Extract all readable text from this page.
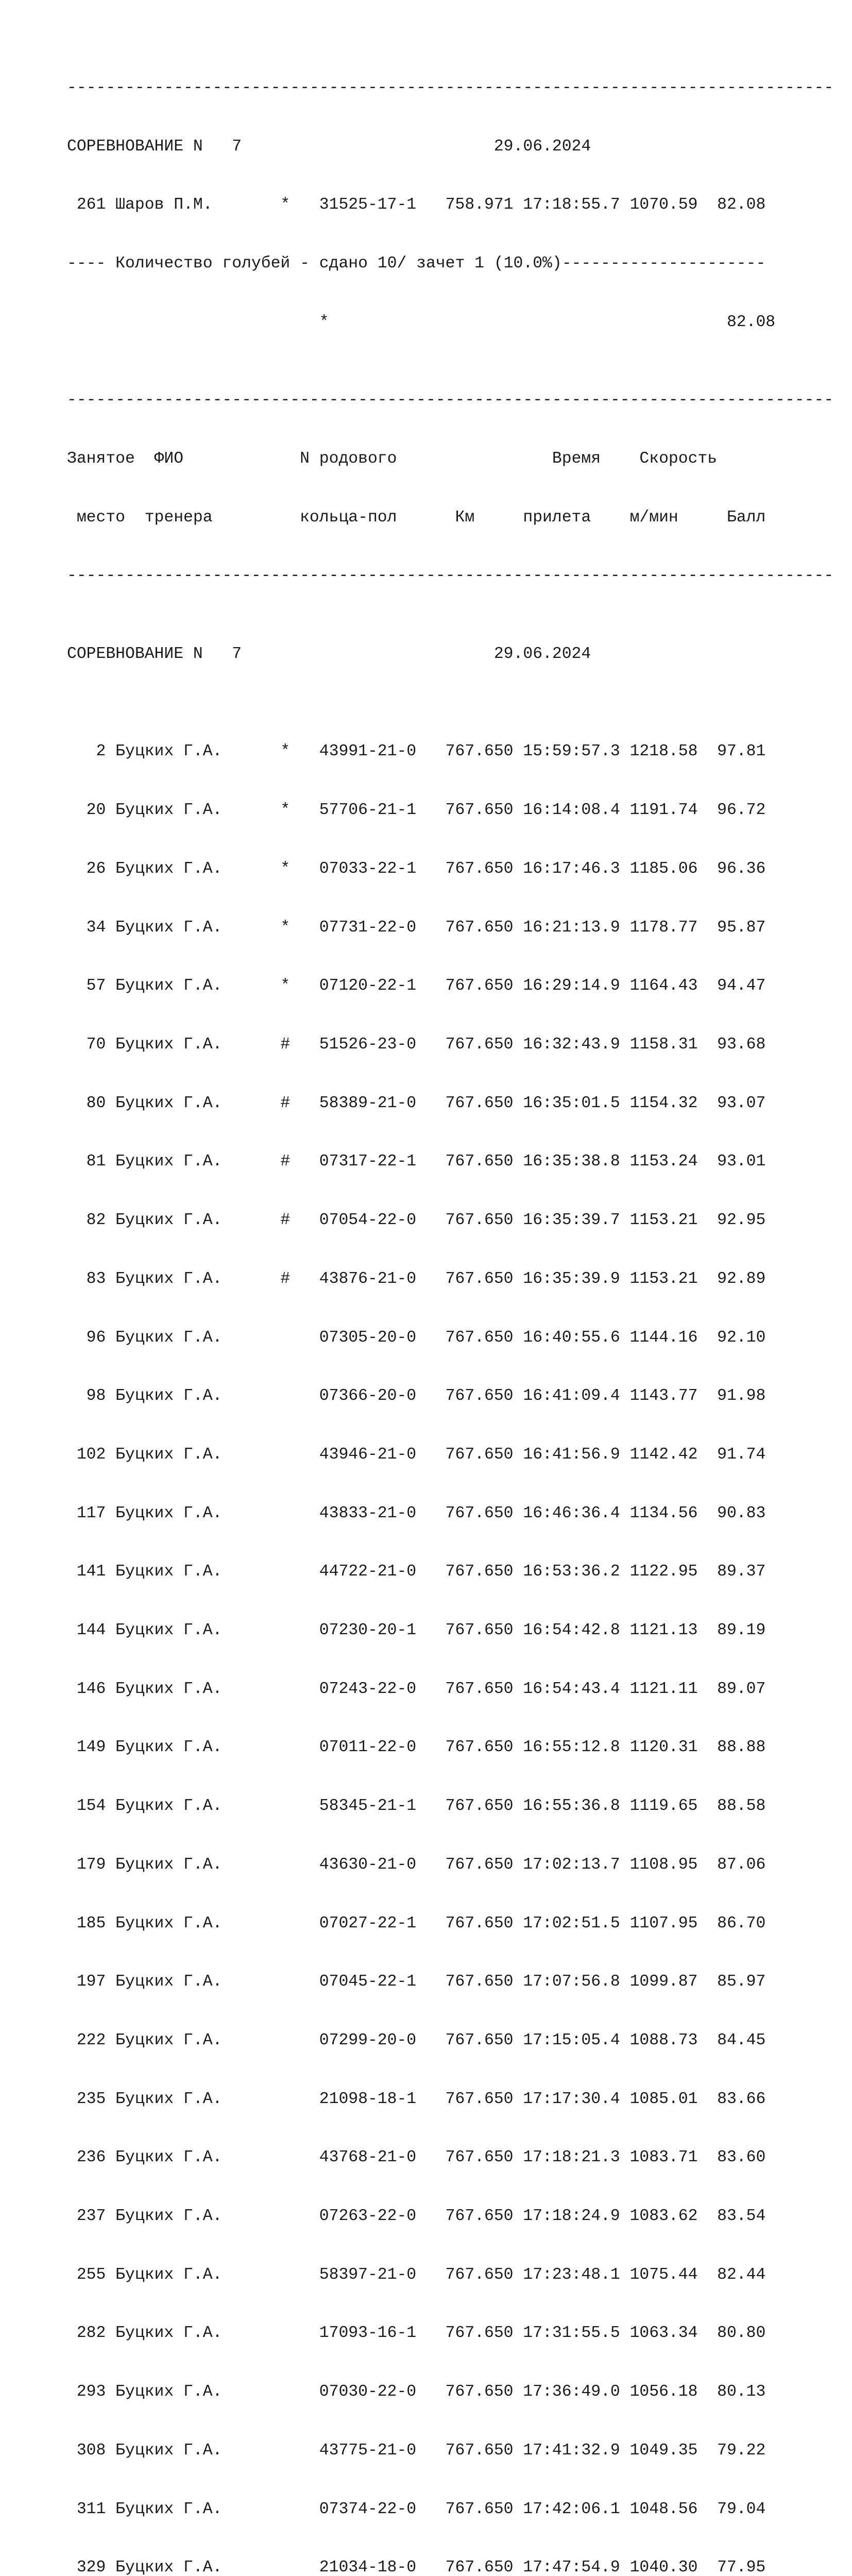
-------------------------------------------------------------------------------

СОРЕВНОВАНИЕ N   7                          29.06.2024

261 Шаров П.М.       *   31525-17-1   758.971 17:18:55.7 1070.59  82.08

---- Количество голубей - сдано 10/ зачет 1 (10.0%)---------------------

*                                         82.08

-------------------------------------------------------------------------------

Занятое  ФИО            N родового                Время    Скорость

место  тренера         кольца-пол      Км     прилета    м/мин     Балл

-------------------------------------------------------------------------------

СОРЕВНОВАНИЕ N   7                          29.06.2024

2 Буцких Г.А.      *   43991-21-0   767.650 15:59:57.3 1218.58  97.81

20 Буцких Г.А.      *   57706-21-1   767.650 16:14:08.4 1191.74  96.72

26 Буцких Г.А.      *   07033-22-1   767.650 16:17:46.3 1185.06  96.36

34 Буцких Г.А.      *   07731-22-0   767.650 16:21:13.9 1178.77  95.87

57 Буцких Г.А.      *   07120-22-1   767.650 16:29:14.9 1164.43  94.47

70 Буцких Г.А.      #   51526-23-0   767.650 16:32:43.9 1158.31  93.68

80 Буцких Г.А.      #   58389-21-0   767.650 16:35:01.5 1154.32  93.07

81 Буцких Г.А.      #   07317-22-1   767.650 16:35:38.8 1153.24  93.01

82 Буцких Г.А.      #   07054-22-0   767.650 16:35:39.7 1153.21  92.95

83 Буцких Г.А.      #   43876-21-0   767.650 16:35:39.9 1153.21  92.89

96 Буцких Г.А.          07305-20-0   767.650 16:40:55.6 1144.16  92.10

98 Буцких Г.А.          07366-20-0   767.650 16:41:09.4 1143.77  91.98

102 Буцких Г.А.          43946-21-0   767.650 16:41:56.9 1142.42  91.74

117 Буцких Г.А.          43833-21-0   767.650 16:46:36.4 1134.56  90.83

141 Буцких Г.А.          44722-21-0   767.650 16:53:36.2 1122.95  89.37

144 Буцких Г.А.          07230-20-1   767.650 16:54:42.8 1121.13  89.19

146 Буцких Г.А.          07243-22-0   767.650 16:54:43.4 1121.11  89.07

149 Буцких Г.А.          07011-22-0   767.650 16:55:12.8 1120.31  88.88

154 Буцких Г.А.          58345-21-1   767.650 16:55:36.8 1119.65  88.58

179 Буцких Г.А.          43630-21-0   767.650 17:02:13.7 1108.95  87.06

185 Буцких Г.А.          07027-22-1   767.650 17:02:51.5 1107.95  86.70

197 Буцких Г.А.          07045-22-1   767.650 17:07:56.8 1099.87  85.97

222 Буцких Г.А.          07299-20-0   767.650 17:15:05.4 1088.73  84.45

235 Буцких Г.А.          21098-18-1   767.650 17:17:30.4 1085.01  83.66

236 Буцких Г.А.          43768-21-0   767.650 17:18:21.3 1083.71  83.60

237 Буцких Г.А.          07263-22-0   767.650 17:18:24.9 1083.62  83.54

255 Буцких Г.А.          58397-21-0   767.650 17:23:48.1 1075.44  82.44

282 Буцких Г.А.          17093-16-1   767.650 17:31:55.5 1063.34  80.80

293 Буцких Г.А.          07030-22-0   767.650 17:36:49.0 1056.18  80.13

308 Буцких Г.А.          43775-21-0   767.650 17:41:32.9 1049.35  79.22

311 Буцких Г.А.          07374-22-0   767.650 17:42:06.1 1048.56  79.04

329 Буцких Г.А.          21034-18-0   767.650 17:47:54.9 1040.30  77.95
